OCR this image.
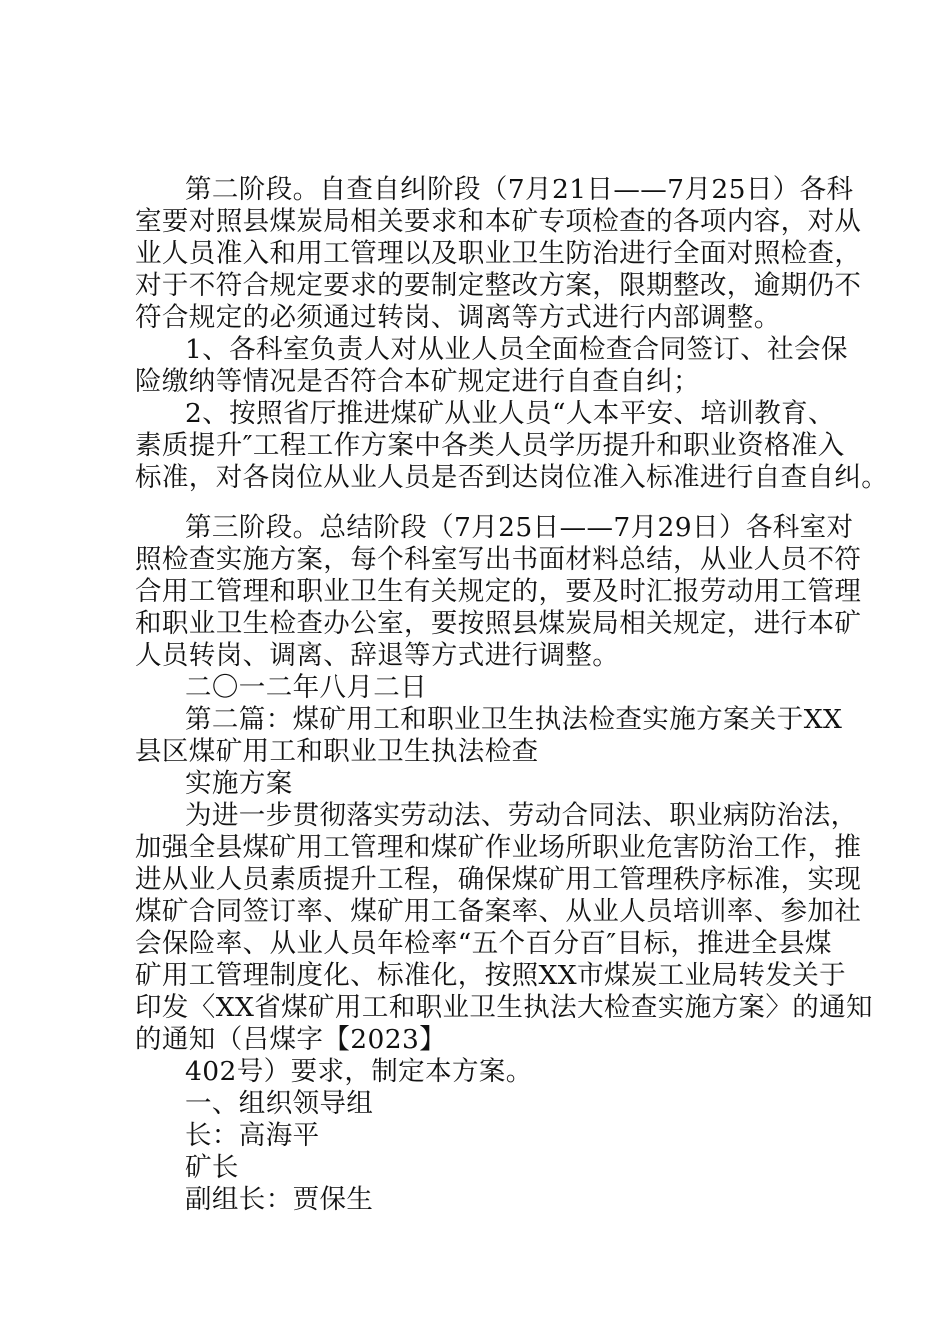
第二阶段。自查自纠阶段（7月21日——7月25日）各科
室要对照县煤炭局相关要求和本矿专项检查的各项内容，对从
业人员准入和用工管理以及职业卫生防治进行全面对照检查，
对于不符合规定要求的要制定整改方案，限期整改，逾期仍不
符合规定的必须通过转岗、调离等方式进行内部调整。
1、各科室负责人对从业人员全面检查合同签订、社会保
险缴纳等情况是否符合本矿规定进行自查自纠；
2、按照省厅推进煤矿从业人员“人本平安、培训教育、
素质提升″工程工作方案中各类人员学历提升和职业资格准入
标准，对各岗位从业人员是否到达岗位准入标准进行自查自纠。
第三阶段。总结阶段（7月25日——7月29日）各科室对
照检查实施方案，每个科室写出书面材料总结，从业人员不符
合用工管理和职业卫生有关规定的，要及时汇报劳动用工管理
和职业卫生检查办公室，要按照县煤炭局相关规定，进行本矿
人员转岗、调离、辞退等方式进行调整。
二〇一二年八月二日
第二篇：煤矿用工和职业卫生执法检查实施方案关于XX
县区煤矿用工和职业卫生执法检查
实施方案
为进一步贯彻落实劳动法、劳动合同法、职业病防治法，
加强全县煤矿用工管理和煤矿作业场所职业危害防治工作，推
进从业人员素质提升工程，确保煤矿用工管理秩序标准，实现
煤矿合同签订率、煤矿用工备案率、从业人员培训率、参加社
会保险率、从业人员年检率“五个百分百″目标，推进全县煤
矿用工管理制度化、标准化，按照XX市煤炭工业局转发关于
印发〈XX省煤矿用工和职业卫生执法大检查实施方案〉的通知
的通知（吕煤字【2023】
402号）要求，制定本方案。
一、组织领导组
长：高海平
矿长
副组长：贾保生
